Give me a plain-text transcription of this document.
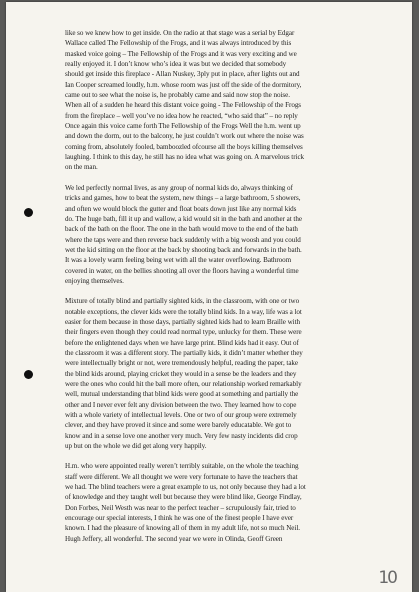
like so we knew how to get inside. On the radio at that stage was a serial by Edgar
Wallace called The Fellowship of the Frogs, and it was always introduced by this
masked voice going – The Fellowship of the Frogs and it was very exciting and we
really enjoyed it. I don’t know who’s idea it was but we decided that somebody
should get inside this fireplace - Allan Nuskey, 3ply put in place, after lights out and
Ian Cooper screamed loudly, h.m. whose room was just off the side of the dormitory,
came out to see what the noise is, he probably came and said now stop the noise.
When all of a sudden he heard this distant voice going - The Fellowship of the Frogs
from the fireplace – well you’ve no idea how he reacted, “who said that” – no reply
Once again this voice came forth The Fellowship of the Frogs Well the h.m. went up
and down the dorm, out to the balcony, he just couldn’t work out where the noise was
coming from, absolutely fooled, bamboozled ofcourse all the boys killing themselves
laughing. I think to this day, he still has no idea what was going on. A marvelous trick
on the man.

We led perfectly normal lives, as any group of normal kids do, always thinking of
tricks and games, how to beat the system, new things – a large bathroom, 5 showers,
and often we would block the gutter and float boats down just like any normal kids
do. The huge bath, fill it up and wallow, a kid would sit in the bath and another at the
back of the bath on the floor. The one in the bath would move to the end of the bath
where the taps were and then reverse back suddenly with a big woosh and you could
wet the kid sitting on the floor at the back by shooting back and forwards in the bath.
It was a lovely warm feeling being wet with all the water overflowing. Bathroom
covered in water, on the bellies shooting all over the floors having a wonderful time
enjoying themselves.

Mixture of totally blind and partially sighted kids, in the classroom, with one or two
notable exceptions, the clever kids were the totally blind kids. In a way, life was a lot
easier for them because in those days, partially sighted kids had to learn Braille with
their fingers even though they could read normal type, unlucky for them. These were
before the enlightened days when we have large print. Blind kids had it easy. Out of
the classroom it was a different story. The partially kids, it didn’t matter whether they
were intellectually bright or not, were tremendously helpful, reading the paper, take
the blind kids around, playing cricket they would in a sense be the leaders and they
were the ones who could hit the ball more often, our relationship worked remarkably
well, mutual understanding that blind kids were good at something and partially the
other and I never ever felt any division between the two. They learned how to cope
with a whole variety of intellectual levels. One or two of our group were extremely
clever, and they have proved it since and some were barely educatable. We got to
know and in a sense love one another very much. Very few nasty incidents did crop
up but on the whole we did get along very happily.

H.m. who were appointed really weren’t terribly suitable, on the whole the teaching
staff were different. We all thought we were very fortunate to have the teachers that
we had. The blind teachers were a great example to us, not only because they had a lot
of knowledge and they taught well but because they were blind like, George Findlay,
Don Forbes, Neil Westh was near to the perfect teacher – scrupulously fair, tried to
encourage our special interests, I think he was one of the finest people I have ever
known. I had the pleasure of knowing all of them in my adult life, not so much Neil.
Hugh Jeffery, all wonderful. The second year we were in Olinda, Geoff Green

10
